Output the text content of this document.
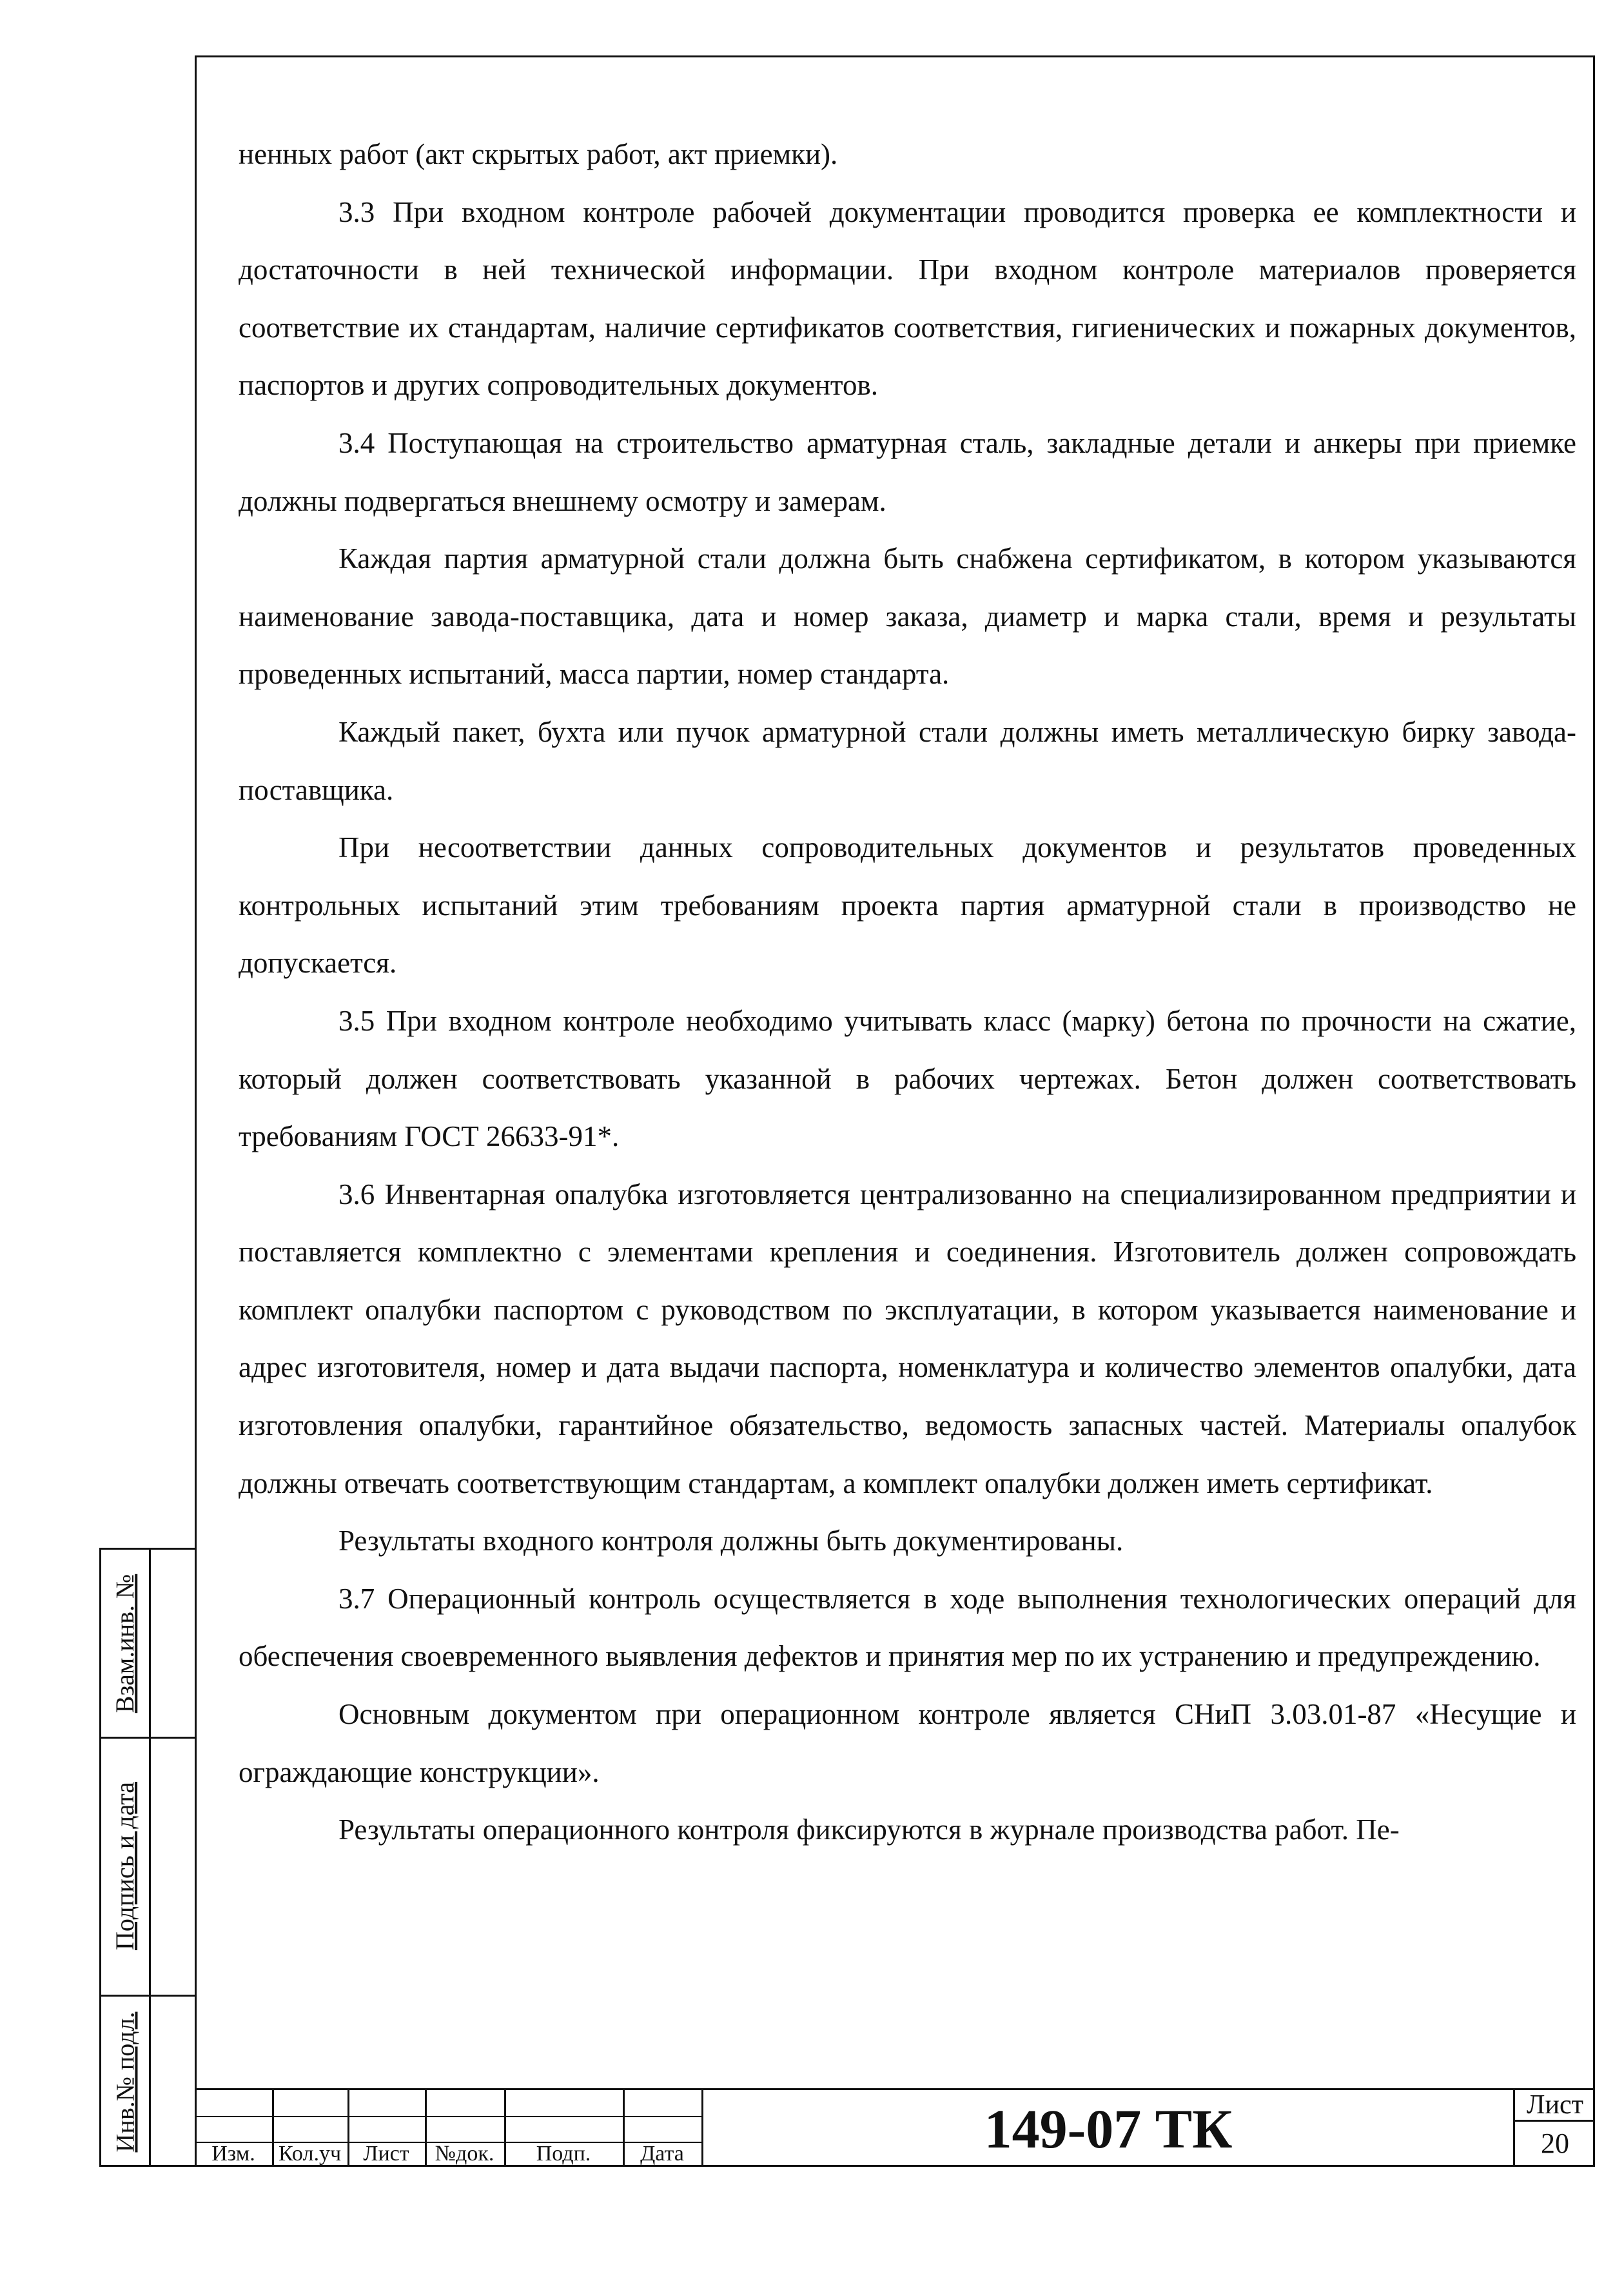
ненных работ (акт скрытых работ, акт приемки).

3.3 При входном контроле рабочей документации проводится проверка ее комплектности и достаточности в ней технической информации. При входном контроле материалов проверяется соответствие их стандартам, наличие сертификатов соответствия, гигиенических и пожарных документов, паспортов и других сопроводительных документов.

3.4 Поступающая на строительство арматурная сталь, закладные детали и анкеры при приемке должны подвергаться внешнему осмотру и замерам.

Каждая партия арматурной стали должна быть снабжена сертификатом, в котором указываются наименование завода-поставщика, дата и номер заказа, диаметр и марка стали, время и результаты проведенных испытаний, масса партии, номер стандарта.

Каждый пакет, бухта или пучок арматурной стали должны иметь металлическую бирку завода-поставщика.

При несоответствии данных сопроводительных документов и результатов проведенных контрольных испытаний этим требованиям проекта партия арматурной стали в производство не допускается.

3.5 При входном контроле необходимо учитывать класс (марку) бетона по прочности на сжатие, который должен соответствовать указанной в рабочих чертежах. Бетон должен соответствовать требованиям ГОСТ 26633-91*.

3.6 Инвентарная опалубка изготовляется централизованно на специализированном предприятии и поставляется комплектно с элементами крепления и соединения. Изготовитель должен сопровождать комплект опалубки паспортом с руководством по эксплуатации, в котором указывается наименование и адрес изготовителя, номер и дата выдачи паспорта, номенклатура и количество элементов опалубки, дата изготовления опалубки, гарантийное обязательство, ведомость запасных частей. Материалы опалубок должны отвечать соответствующим стандартам, а комплект опалубки должен иметь сертификат.

Результаты входного контроля должны быть документированы.

3.7 Операционный контроль осуществляется в ходе выполнения технологических операций для обеспечения своевременного выявления дефектов и принятия мер по их устранению и предупреждению.

Основным документом при операционном контроле является СНиП 3.03.01-87 «Несущие и ограждающие конструкции».

Результаты операционного контроля фиксируются в журнале производства работ. Пе-

Взам.инв. №
Подпись и дата
Инв.№ подл.
Изм.	Кол.уч	Лист	№док.	Подп.	Дата	149-07 ТК	Лист
20
